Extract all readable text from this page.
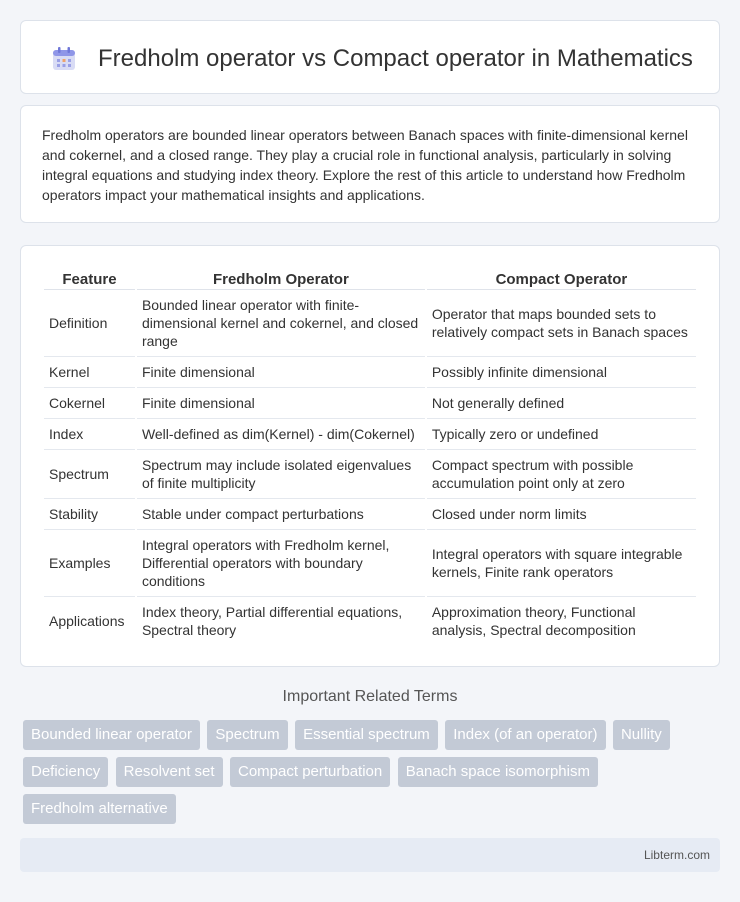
Fredholm operator vs Compact operator in Mathematics

Fredholm operators are bounded linear operators between Banach spaces with finite-dimensional kernel and cokernel, and a closed range. They play a crucial role in functional analysis, particularly in solving integral equations and studying index theory. Explore the rest of this article to understand how Fredholm operators impact your mathematical insights and applications.

Feature	Fredholm Operator	Compact Operator
Definition	Bounded linear operator with finite-dimensional kernel and cokernel, and closed range	Operator that maps bounded sets to relatively compact sets in Banach spaces
Kernel	Finite dimensional	Possibly infinite dimensional
Cokernel	Finite dimensional	Not generally defined
Index	Well-defined as dim(Kernel) - dim(Cokernel)	Typically zero or undefined
Spectrum	Spectrum may include isolated eigenvalues of finite multiplicity	Compact spectrum with possible accumulation point only at zero
Stability	Stable under compact perturbations	Closed under norm limits
Examples	Integral operators with Fredholm kernel, Differential operators with boundary conditions	Integral operators with square integrable kernels, Finite rank operators
Applications	Index theory, Partial differential equations, Spectral theory	Approximation theory, Functional analysis, Spectral decomposition
Important Related Terms
Bounded linear operator Spectrum Essential spectrum Index (of an operator) Nullity Deficiency Resolvent set Compact perturbation Banach space isomorphism Fredholm alternative
Libterm.com
